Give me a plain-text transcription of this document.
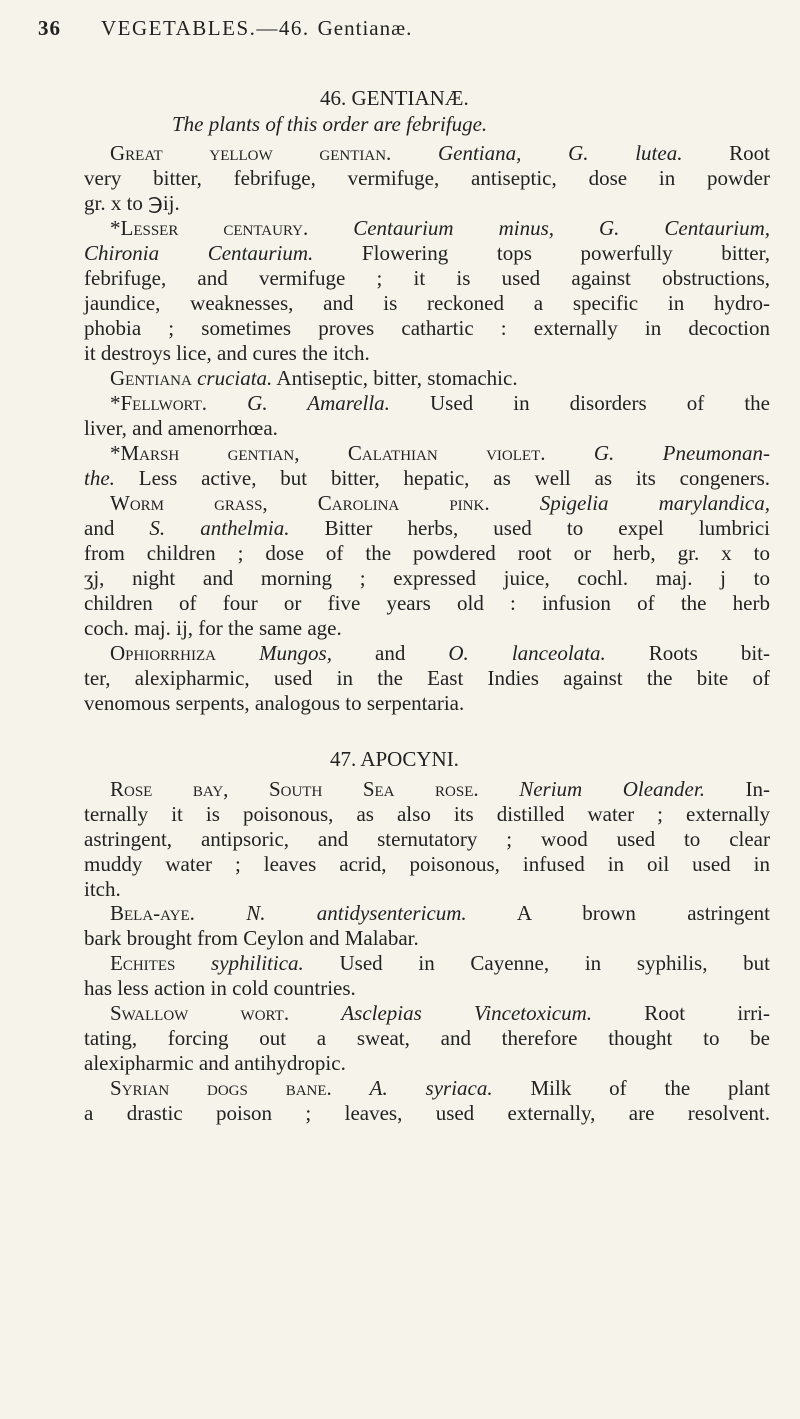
36 VEGETABLES.—46. Gentianæ.
46. GENTIANÆ.
The plants of this order are febrifuge.
Great yellow gentian. Gentiana, G. lutea. Root
very bitter, febrifuge, vermifuge, antiseptic, dose in powder
gr. x to ℈ij.
*Lesser centaury. Centaurium minus, G. Centaurium,
Chironia Centaurium. Flowering tops powerfully bitter,
febrifuge, and vermifuge ; it is used against obstructions,
jaundice, weaknesses, and is reckoned a specific in hydro-
phobia ; sometimes proves cathartic : externally in decoction
it destroys lice, and cures the itch.
Gentiana cruciata. Antiseptic, bitter, stomachic.
*Fellwort. G. Amarella. Used in disorders of the
liver, and amenorrhœa.
*Marsh gentian, Calathian violet. G. Pneumonan-
the. Less active, but bitter, hepatic, as well as its congeners.
Worm grass, Carolina pink. Spigelia marylandica,
and S. anthelmia. Bitter herbs, used to expel lumbrici
from children ; dose of the powdered root or herb, gr. x to
ʒj, night and morning ; expressed juice, cochl. maj. j to
children of four or five years old : infusion of the herb
coch. maj. ij, for the same age.
Ophiorrhiza Mungos, and O. lanceolata. Roots bit-
ter, alexipharmic, used in the East Indies against the bite of
venomous serpents, analogous to serpentaria.
47. APOCYNI.
Rose bay, South Sea rose. Nerium Oleander. In-
ternally it is poisonous, as also its distilled water ; externally
astringent, antipsoric, and sternutatory ; wood used to clear
muddy water ; leaves acrid, poisonous, infused in oil used in
itch.
Bela-aye. N. antidysentericum. A brown astringent
bark brought from Ceylon and Malabar.
Echites syphilitica. Used in Cayenne, in syphilis, but
has less action in cold countries.
Swallow wort. Asclepias Vincetoxicum. Root irri-
tating, forcing out a sweat, and therefore thought to be
alexipharmic and antihydropic.
Syrian dogs bane. A. syriaca. Milk of the plant
a drastic poison ; leaves, used externally, are resolvent.
